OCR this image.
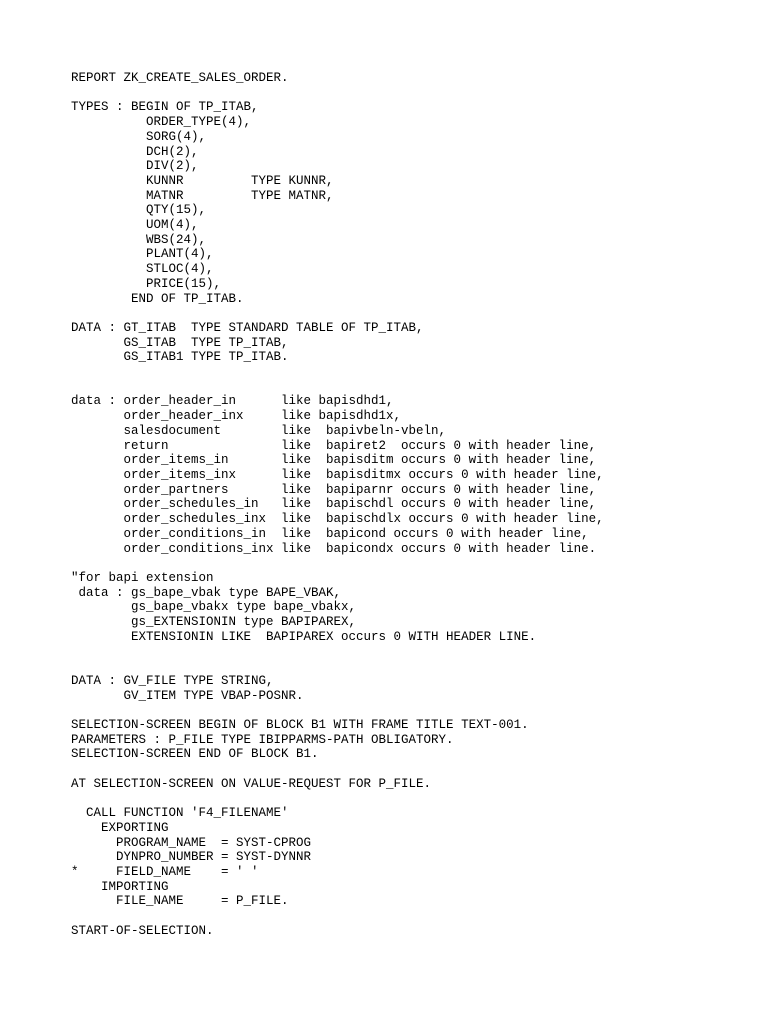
REPORT ZK_CREATE_SALES_ORDER.

TYPES : BEGIN OF TP_ITAB,
ORDER_TYPE(4),
SORG(4),
DCH(2),
DIV(2),
KUNNR         TYPE KUNNR,
MATNR         TYPE MATNR,
QTY(15),
UOM(4),
WBS(24),
PLANT(4),
STLOC(4),
PRICE(15),
END OF TP_ITAB.

DATA : GT_ITAB  TYPE STANDARD TABLE OF TP_ITAB,
GS_ITAB  TYPE TP_ITAB,
GS_ITAB1 TYPE TP_ITAB.

data : order_header_in      like bapisdhd1,
order_header_inx     like bapisdhd1x,
salesdocument        like  bapivbeln-vbeln,
return               like  bapiret2  occurs 0 with header line,
order_items_in       like  bapisditm occurs 0 with header line,
order_items_inx      like  bapisditmx occurs 0 with header line,
order_partners       like  bapiparnr occurs 0 with header line,
order_schedules_in   like  bapischdl occurs 0 with header line,
order_schedules_inx  like  bapischdlx occurs 0 with header line,
order_conditions_in  like  bapicond occurs 0 with header line,
order_conditions_inx like  bapicondx occurs 0 with header line.

"for bapi extension
data : gs_bape_vbak type BAPE_VBAK,
gs_bape_vbakx type bape_vbakx,
gs_EXTENSIONIN type BAPIPAREX,
EXTENSIONIN LIKE  BAPIPAREX occurs 0 WITH HEADER LINE.

DATA : GV_FILE TYPE STRING,
GV_ITEM TYPE VBAP-POSNR.

SELECTION-SCREEN BEGIN OF BLOCK B1 WITH FRAME TITLE TEXT-001.
PARAMETERS : P_FILE TYPE IBIPPARMS-PATH OBLIGATORY.
SELECTION-SCREEN END OF BLOCK B1.

AT SELECTION-SCREEN ON VALUE-REQUEST FOR P_FILE.

CALL FUNCTION 'F4_FILENAME'
EXPORTING
PROGRAM_NAME  = SYST-CPROG
DYNPRO_NUMBER = SYST-DYNNR
*     FIELD_NAME    = ' '
IMPORTING
FILE_NAME     = P_FILE.

START-OF-SELECTION.
